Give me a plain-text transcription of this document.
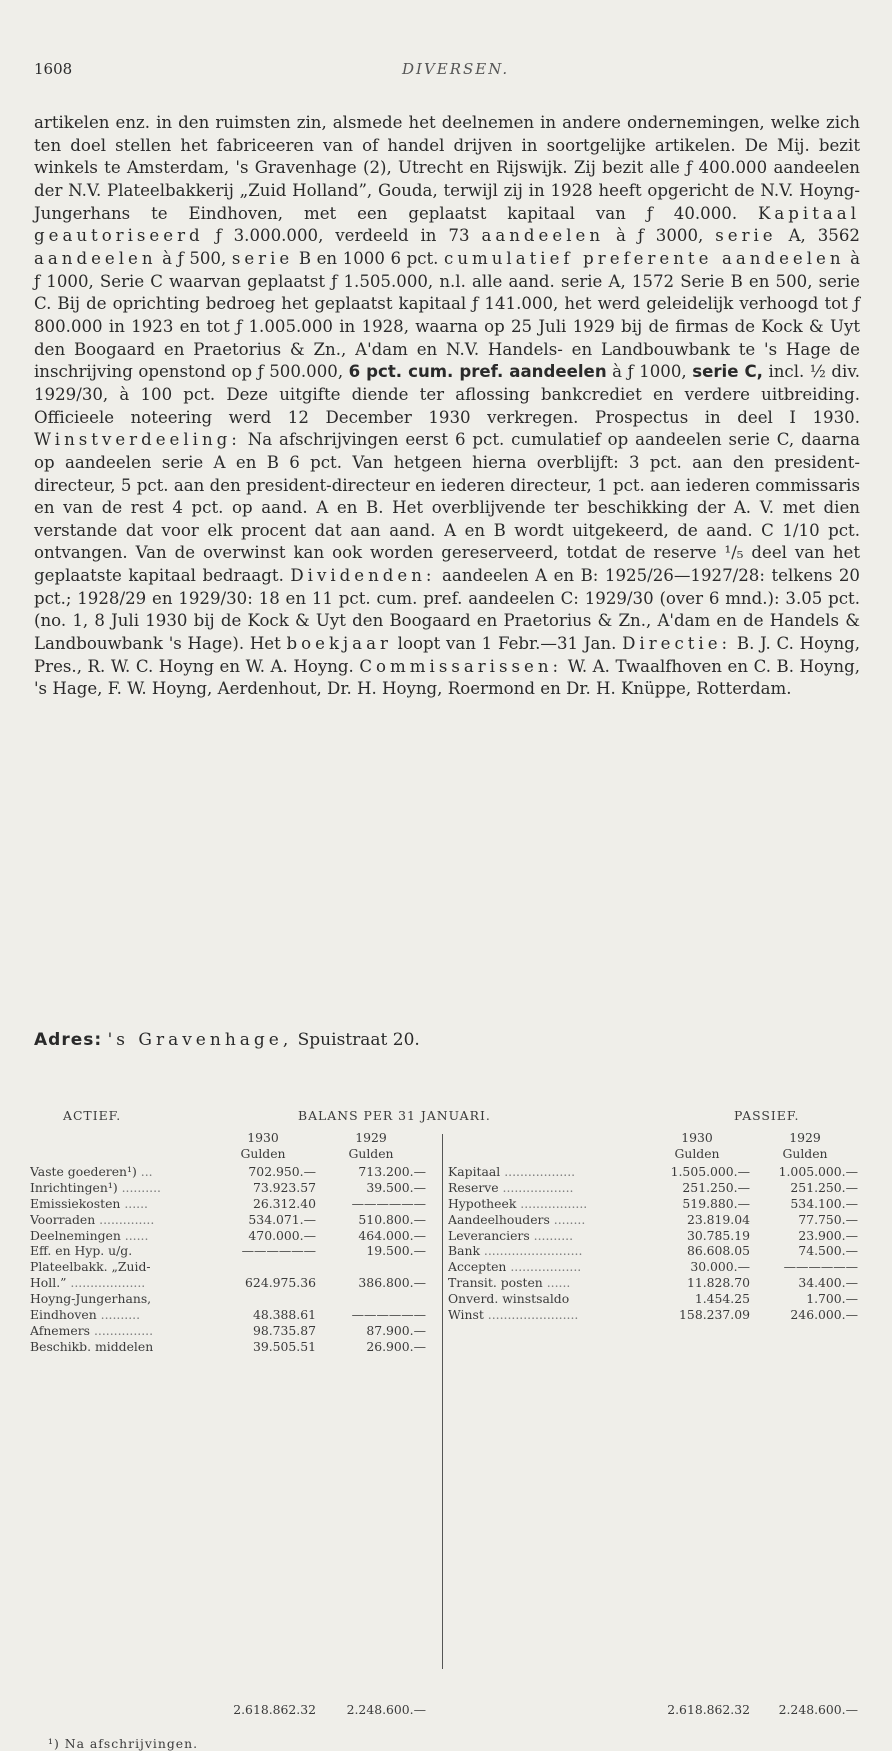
1608	DIVERSEN.

artikelen enz. in den ruimsten zin, alsmede het deelnemen in andere ondernemingen, welke zich ten doel stellen het fabriceeren van of handel drijven in soortgelijke artikelen. De Mij. bezit winkels te Amsterdam, 's Gravenhage (2), Utrecht en Rijswijk. Zij bezit alle ƒ 400.000 aandeelen der N.V. Plateelbakkerij „Zuid Holland”, Gouda, terwijl zij in 1928 heeft opgericht de N.V. Hoyng-Jungerhans te Eindhoven, met een geplaatst kapitaal van ƒ 40.000. Kapitaal geautoriseerd ƒ 3.000.000, verdeeld in 73 aandeelen à ƒ 3000, serie A, 3562 aandeelen à ƒ 500, serie B en 1000 6 pct. cumulatief preferente aandeelen à ƒ 1000, Serie C waarvan geplaatst ƒ 1.505.000, n.l. alle aand. serie A, 1572 Serie B en 500, serie C. Bij de oprichting bedroeg het geplaatst kapitaal ƒ 141.000, het werd geleidelijk verhoogd tot ƒ 800.000 in 1923 en tot ƒ 1.005.000 in 1928, waarna op 25 Juli 1929 bij de firmas de Kock & Uyt den Boogaard en Praetorius & Zn., A'dam en N.V. Handels- en Landbouwbank te 's Hage de inschrijving openstond op ƒ 500.000, 6 pct. cum. pref. aandeelen à ƒ 1000, serie C, incl. ½ div. 1929/30, à 100 pct. Deze uitgifte diende ter aflossing bankcrediet en verdere uitbreiding. Officieele noteering werd 12 December 1930 verkregen. Prospectus in deel I 1930. Winstverdeeling: Na afschrijvingen eerst 6 pct. cumulatief op aandeelen serie C, daarna op aandeelen serie A en B 6 pct. Van hetgeen hierna overblijft: 3 pct. aan den president-directeur, 5 pct. aan den president-directeur en iederen directeur, 1 pct. aan iederen commissaris en van de rest 4 pct. op aand. A en B. Het overblijvende ter beschikking der A. V. met dien verstande dat voor elk procent dat aan aand. A en B wordt uitgekeerd, de aand. C 1/10 pct. ontvangen. Van de overwinst kan ook worden gereserveerd, totdat de reserve ¹/₅ deel van het geplaatste kapitaal bedraagt. Dividenden: aandeelen A en B: 1925/26—1927/28: telkens 20 pct.; 1928/29 en 1929/30: 18 en 11 pct. cum. pref. aandeelen C: 1929/30 (over 6 mnd.): 3.05 pct. (no. 1, 8 Juli 1930 bij de Kock & Uyt den Boogaard en Praetorius & Zn., A'dam en de Handels & Landbouwbank 's Hage). Het boekjaar loopt van 1 Febr.—31 Jan. Directie: B. J. C. Hoyng, Pres., R. W. C. Hoyng en W. A. Hoyng. Commissarissen: W. A. Twaalfhoven en C. B. Hoyng, 's Hage, F. W. Hoyng, Aerdenhout, Dr. H. Hoyng, Roermond en Dr. H. Knüppe, Rotterdam.

Adres: 's Gravenhage, Spuistraat 20.
ACTIEF.	BALANS PER 31 JANUARI.	PASSIEF.
1930
Gulden
1929
Gulden
Vaste goederen¹) ...	702.950.—	713.200.—
Inrichtingen¹) ..........	73.923.57	39.500.—
Emissiekosten ......	26.312.40	——————
Voorraden ..............	534.071.—	510.800.—
Deelnemingen ......	470.000.—	464.000.—
Eff. en Hyp. u/g.	——————	19.500.—
Plateelbakk. „Zuid-
Holl.” ...................	624.975.36	386.800.—
Hoyng-Jungerhans,
Eindhoven ..........	48.388.61	——————
Afnemers ...............	98.735.87	87.900.—
Beschikb. middelen	39.505.51	26.900.—
1930
Gulden
1929
Gulden
Kapitaal ..................	1.505.000.—	1.005.000.—
Reserve ..................	251.250.—	251.250.—
Hypotheek .................	519.880.—	534.100.—
Aandeelhouders ........	23.819.04	77.750.—
Leveranciers ..........	30.785.19	23.900.—
Bank .........................	86.608.05	74.500.—
Accepten ..................	30.000.—	——————
Transit. posten ......	11.828.70	34.400.—
Onverd. winstsaldo	1.454.25	1.700.—
Winst .......................	158.237.09	246.000.—
2.618.862.32	2.248.600.—	2.618.862.32	2.248.600.—
¹) Na afschrijvingen.
